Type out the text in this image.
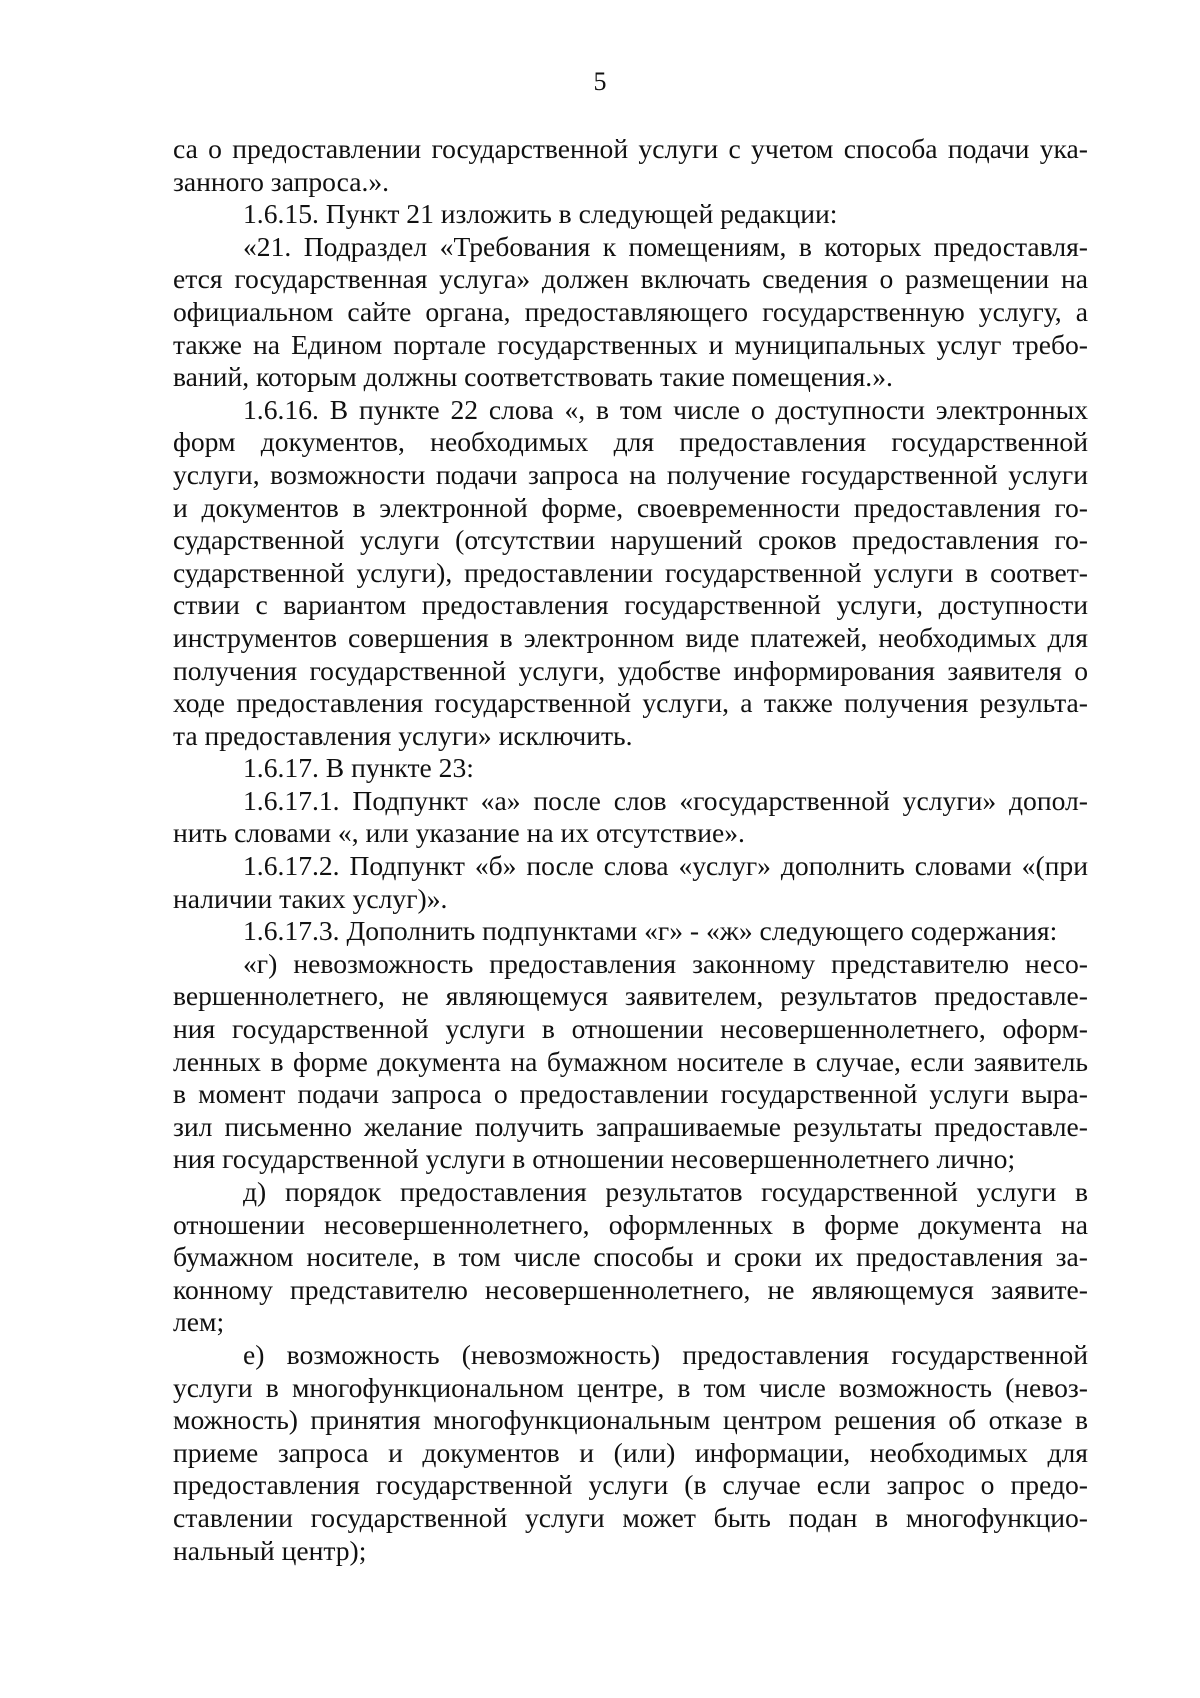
5
са о предоставлении государственной услуги с учетом способа подачи ука-
занного запроса.».
1.6.15. Пункт 21 изложить в следующей редакции:
«21. Подраздел «Требования к помещениям, в которых предоставля-
ется государственная услуга» должен включать сведения о размещении на
официальном сайте органа, предоставляющего государственную услугу, а
также на Едином портале государственных и муниципальных услуг требо-
ваний, которым должны соответствовать такие помещения.».
1.6.16. В пункте 22 слова «, в том числе о доступности электронных
форм документов, необходимых для предоставления государственной
услуги, возможности подачи запроса на получение государственной услуги
и документов в электронной форме, своевременности предоставления го-
сударственной услуги (отсутствии нарушений сроков предоставления го-
сударственной услуги), предоставлении государственной услуги в соответ-
ствии с вариантом предоставления государственной услуги, доступности
инструментов совершения в электронном виде платежей, необходимых для
получения государственной услуги, удобстве информирования заявителя о
ходе предоставления государственной услуги, а также получения результа-
та предоставления услуги» исключить.
1.6.17. В пункте 23:
1.6.17.1. Подпункт «а» после слов «государственной услуги» допол-
нить словами «, или указание на их отсутствие».
1.6.17.2. Подпункт «б» после слова «услуг» дополнить словами «(при
наличии таких услуг)».
1.6.17.3. Дополнить подпунктами «г» - «ж» следующего содержания:
«г) невозможность предоставления законному представителю несо-
вершеннолетнего, не являющемуся заявителем, результатов предоставле-
ния государственной услуги в отношении несовершеннолетнего, оформ-
ленных в форме документа на бумажном носителе в случае, если заявитель
в момент подачи запроса о предоставлении государственной услуги выра-
зил письменно желание получить запрашиваемые результаты предоставле-
ния государственной услуги в отношении несовершеннолетнего лично;
д) порядок предоставления результатов государственной услуги в
отношении несовершеннолетнего, оформленных в форме документа на
бумажном носителе, в том числе способы и сроки их предоставления за-
конному представителю несовершеннолетнего, не являющемуся заявите-
лем;
е) возможность (невозможность) предоставления государственной
услуги в многофункциональном центре, в том числе возможность (невоз-
можность) принятия многофункциональным центром решения об отказе в
приеме запроса и документов и (или) информации, необходимых для
предоставления государственной услуги (в случае если запрос о предо-
ставлении государственной услуги может быть подан в многофункцио-
нальный центр);
